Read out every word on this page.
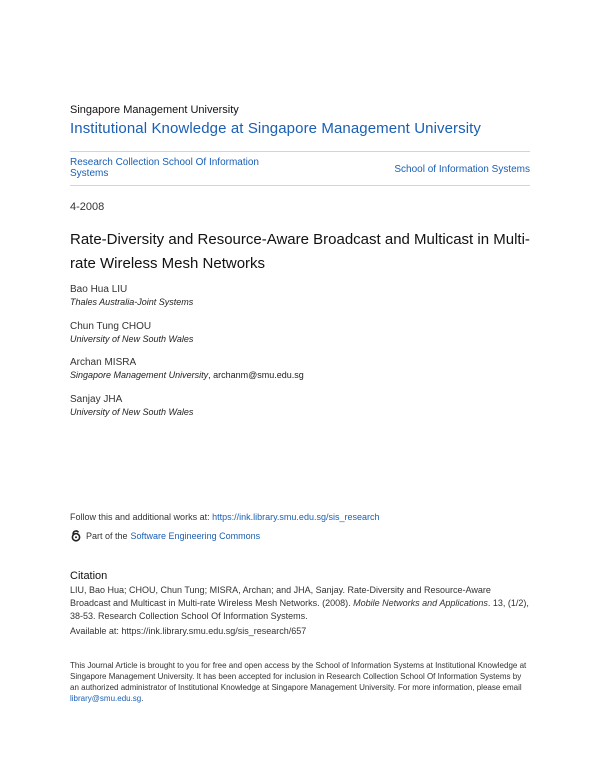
Singapore Management University
Institutional Knowledge at Singapore Management University
Research Collection School Of Information Systems	School of Information Systems
4-2008
Rate-Diversity and Resource-Aware Broadcast and Multicast in Multi-rate Wireless Mesh Networks
Bao Hua LIU
Thales Australia-Joint Systems
Chun Tung CHOU
University of New South Wales
Archan MISRA
Singapore Management University, archanm@smu.edu.sg
Sanjay JHA
University of New South Wales
Follow this and additional works at: https://ink.library.smu.edu.sg/sis_research
Part of the Software Engineering Commons
Citation
LIU, Bao Hua; CHOU, Chun Tung; MISRA, Archan; and JHA, Sanjay. Rate-Diversity and Resource-Aware Broadcast and Multicast in Multi-rate Wireless Mesh Networks. (2008). Mobile Networks and Applications. 13, (1/2), 38-53. Research Collection School Of Information Systems.
Available at: https://ink.library.smu.edu.sg/sis_research/657
This Journal Article is brought to you for free and open access by the School of Information Systems at Institutional Knowledge at Singapore Management University. It has been accepted for inclusion in Research Collection School Of Information Systems by an authorized administrator of Institutional Knowledge at Singapore Management University. For more information, please email library@smu.edu.sg.
